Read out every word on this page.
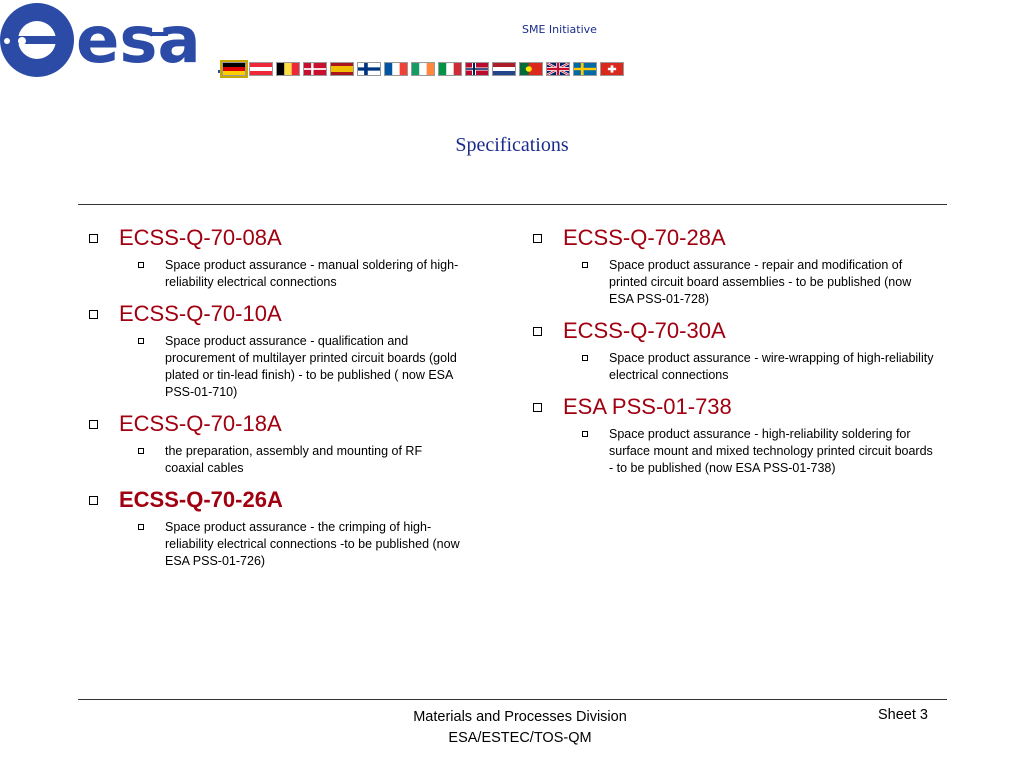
esa	SME Initiative
Specifications
ECSS-Q-70-08A
Space product assurance - manual soldering of high-reliability electrical connections
ECSS-Q-70-10A
Space product assurance - qualification and procurement of multilayer printed circuit boards (gold plated or tin-lead finish) - to be published ( now ESA PSS-01-710)
ECSS-Q-70-18A
the preparation, assembly and mounting of RF coaxial cables
ECSS-Q-70-26A
Space product assurance - the crimping of high-reliability electrical connections -to be published (now ESA PSS-01-726)
ECSS-Q-70-28A
Space product assurance - repair and modification of printed circuit board assemblies - to be published (now ESA PSS-01-728)
ECSS-Q-70-30A
Space product assurance - wire-wrapping of high-reliability electrical connections
ESA PSS-01-738
Space product assurance - high-reliability soldering for surface mount and mixed technology printed circuit boards - to be published (now ESA PSS-01-738)
Materials and Processes Division
ESA/ESTEC/TOS-QM
Sheet 3
